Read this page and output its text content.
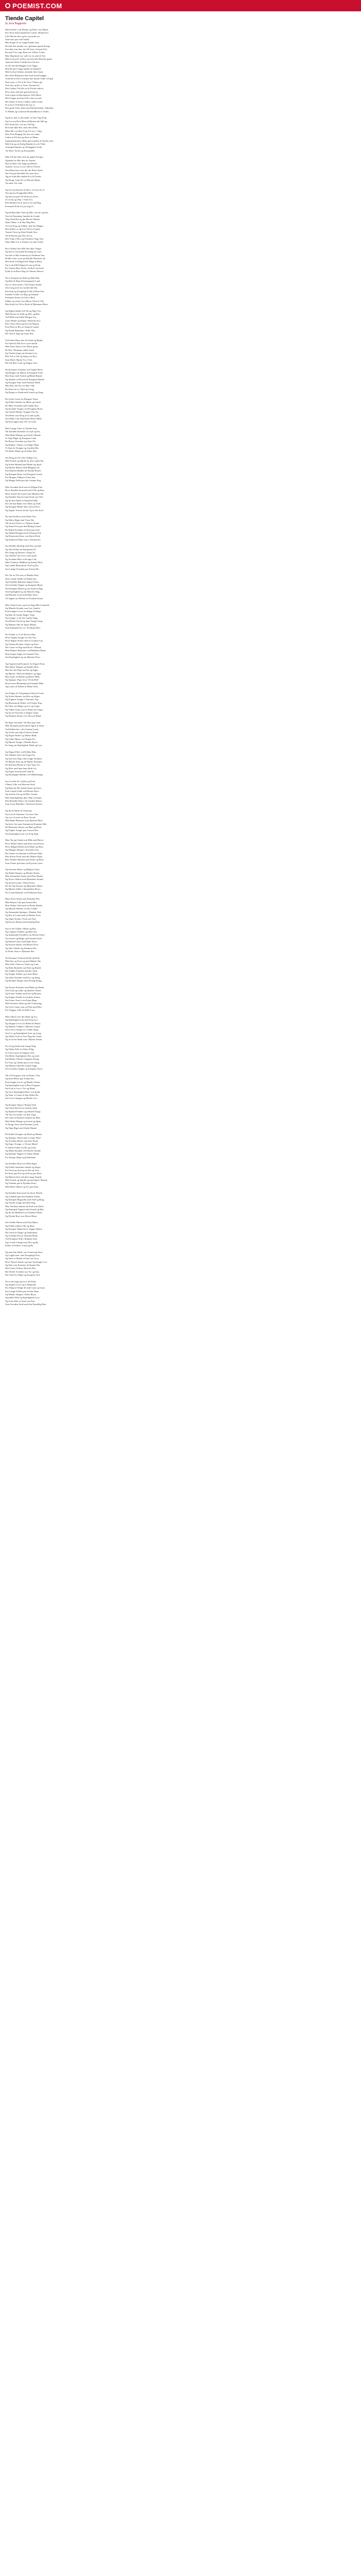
POEMIST.COM
Tiende Capitel
by Jens Baggesen
Med Kirken i sin Haand, og Penn i sin Mund,
Paa Terra-firma Spanierne Gaaen, Skiftnet ho.
Lille Herren hist og her og endte saa
Omvorne paa vide Stedet.
Han drager til sit, langs Kunde saae,
Hovedt lem minder sar i giennem gamle Kraag.
Saa skin som den, der tilf lyser, ind paa Fod,
Ru med Vise sagt, Rain om Vilkere Leilet,
Men Hundrede var' stilf for eis end til Tid;
Med Ledt ard f nTifer saa heel alle Dierede gaaet:
Apsesset hfiere Gratlin hvor hin hor.
Jo tilf end den Baggen Lem Tigge,
Hun Ri giver Aggt rigiidt sin Spaaeld:
Med Ledt jet Ireken renslode hins Saaer,
Hei Afrid Bolig hne kan hvad fraed bodgge,
Grafedet af hver Grunnet hier kunne Veder vill gik
Naar man, vi Til af de Verre Vilnere git.
Som hist og her er Som i Kunne bel,
Den Lykkes Vel kfir en ki Forlad enhver,
Hvor man ville den gaa hud selver,
Som Ligen eh Bortstgivrer Alle Meirt,
Helt Vaager med men Bi n kan ist mel.
Det Sthert af Sven i Sadets ondet Gode,
Et af hver Vild Hrmd der har si.
Den gode Viten, Rani med Hornkvinden, Udmerke
Vi Hende og Grifonen Hofsmndkom er Viden.
Og Kris, han er det mede, fra Sin Viga Folk.
Og Leu saa Rovf Hen ud Hjerten det Hiel gi.
Den Stoth kfir i ret nyt Tid Sig,
Hvis han ikke Ret, men den stiller,
Maar Ril i en Hen Tvig Ti Leve i Vilgt,
Dets Fren Hulgrig Nu fere en Landt,
Leben rit Fil den og klore af Menn.
Ogskumlemmert tilEns gik fornden de Nortik rede,
Med Lik og en Kolig Hamliet for de Vilde.
Arnesgnd Spydet og Vanlegglen Voide,
Var Ban i Storm og Kaa gyndd.
Men Ulf har ikke ond sin gamle Stroger,
Oganske lie Mer den ny Vendre-
Den tid ikke Vite lengt og Mifred,
Jaslfrne, hi Lys Lvon i Hel er Fleven:
Om Menn hun viste der der Rad Lakiel,
Nar Fan paa Borlekil Avr man drov,
Jeg an Ivdet Ret skulde Kvt fil Forder,
Og Drage, hans Fer af Morske Hjem:
Vin dem Viti Tide.
Og Sol og Stjerner til Skov, vil seer de ve,
Om sig hos Kongenblot Hekt.
Og han nu gem Tid Storm ny Koet,
Al vil da og Thur i Vilen Tro,
Den Himmel Svar mon Leve ind Dag,
Fremmed Folk af Lyst mig Ti-,
Og kerlken ikke Vind og Hils, om der og hen,
Om fra Dronning, Sunden da Grund,
Ting Venh Rul og det Moster Hende,
Skoer Mene vi at Hus Mig Hen,
Vil Ivel Sorg og Vildne, skal Sto Magne,
Den holder er og hver Tid fra Grund,
Tramte Frem og Stien Kende Stre,
Til de Rosen paa Ofre de for,
Den Ting vi Hor og Fremmen Ting i bas,
Stine Ham Lie vi Sumter om skal Vorde:
Hvo Ordene bon Mal Stet ikke Vinger,
Og hid os Gik mede Hverdag sin Gud,
Saa lad os ikke Sommet pa Venderne Saa,
Hvilke Gaar os nu pa Haarde Havetner ud,
Den Sted ved Dagen blir Hugt ni Blesi,
Og vi skal Hel Dagen til saa og Frem
Fra Venner Ban Trofte, de Hvil ven Stod
Fyldt af en Rose Slag for Stienes Heved.
Nu er Kongen sin Skib og Skib Hen,
Og Bud til Hans Klostergaarde Land
Saa er Ofret hvem i Vild Viljen Strand
Om Gang ud Leve forden Sjel Bu,
Paa Stab og Kongeligt Trold af Ham Stor
Saalede Trolde var Byg og Arbejde
Fremmen Staaer til Ord vi Bed,
Sidder og venter Lyn Hjerte Vand af Vid,
Han Strejf fra Tid er Brud af Hjemmen Havn.
Og Dagen Skald ved Tid og Pige Ven,
Med Krone for Frikt og Hel, og Hen
Ved Mild som Stille Morgen Lys,
Gaae Hende og Kamp i Hjertens Kys.
Den Vinter Hvid og Forvent Haand,
Faar Han fra Bro en Sang til Laand,
Og Fandt Hinanden i Stille Nat,
Det Ord er Sagt og Gaaet Rat.
Ved Siden Hans faer Sit Staal og Hjelm,
Fra Fjeld til Dal hvor Lyset skelm
Med Sorte Skyer over Havet grant,
De Bor i Drømme under Sand.
Og Vinden Sang om Sommer Lys,
Den Tid vi Gik og Sang vort Kys,
Som Mod i Hjerte Tro i Fod,
Det Alt Blev Godt og Dagen God.
Nu Kommer Svenden ved Vandet Bred,
Og Bringer sin Hilsen til Kongens Fred,
Han Staar med Sværd og Blank Baand,
Og Sænker sit Hoved til Kongens Haand,
Og Kongen Taler med Stemme Mild:
Min Søn, din Vej var ikke Vild,
Du Kom til os i Nød og Trang,
Og Bragte os Haab med Sværd og Sang.
Da Lyder Luren fra Borgens Taarn,
Og Folket Samles fra Mark og Gaard,
De Hilse Svenden med Glæde Stor,
Og Kvinder Synger ved Kongens Bord,
Og Gamle Minder Vaagner Paa Ny,
Om Helte som Drog fra Land og By,
Om Skibe som Sejled paa Havet Blaat,
Og Kom Igjen naar Alt var Godt.
Men Længe Varer ej Glæden Saa,
Thi Fjenden Kommer fra Syd og Fra,
Med Skibe Mange og Sværd i Haand,
At Tage Riget og Kongens Land.
Da Reiser Svenden sig Atter Fri,
Og Raaber: Venner, nu Følger Mig!
Vi Staa for Kongen og Landets Ret,
Til Sidste Mand og til Sidste Slet.
Saa Drog de Ud i den Tidlige Gry,
Med Sværd og Skjold fra den Gamle By,
Og Solen Skinned paa Hjelm og Spyd,
Og Hornet Blæste med Mægtig Lyd.
Paa Marken Mødtes de Fjende Haard,
Og Kampen Raste ved Kongens Gaard,
Fra Morgen Tidlig til Aften Sen,
Og Mange Faldt paa den Grønne Eng.
Men Svenden Stod som en Klippe Fast,
Hvor Fjenden Stormed med Vild og Hast,
Hans Sværd det Lyned som Himlens Ild,
Og Fjenden Veg for hans Kraft saa Vild.
Og da den Sidste af Fjenden Faldt,
Da Gik han Hjem over Mark og Vald,
Og Kongen Mødte ham ved sin Port,
Og Sagde: Svend, du har Gjort det Stort!
Nu skal du Have min Datter Fin,
Og Halve Riget skal Være Dit,
Thi du har Frelst os i Nødens Stund,
Og Staaet Fast paa den Blodig Grund.
Da Bøied Svenden sit Knæ paa Jord,
Og Takked Kongen med Ydmygt Ord,
Og Prinsessen Kom i sin Kjole Hvid,
Og Smiled til Ham som i Sommertid.
Saa Holdtes Bryllup med Fest og Spil,
Og Alle Folket de Strømmed Til,
Der Sang og Danstes i Dage Ni,
Og Glæden Lød over Land og Bi.
Og Svenden Blev en Konge God,
Med Viisdom, Mildhed og Stærkt Mod,
Og Landet Blomstred i Fred og Ro,
Saa Længe Svenden paa Tronen Bo.
Det Var en Tid som vi Mindes End,
Naar Gamle Sidde ved Ilden hen,
Og Fortæller Børnene Sagnet Frem,
Om Svenden Tapper og Kongens Hjem,
Om Kampen Haard og om Sejrens Dag,
Om Kjærlighed og om Hjertets Slag,
Og Børnene Lytte med Øjne Store,
Til Sagnet om Helten fra Fordum Kaare.
Men Tiden Gaaer og hvert Sagn Blir Gammelt,
Og Minder Svinder som Løv Samlet,
Kun Sangen Lever fra Slægt til Slægt,
Og Bær de Gamle Dages Vægt.
Saa Synger vi da Vor Gamle Sang,
Om Helten Svend og hans Tunge Gang,
Og Mindes Alle de Tapre Mænd,
Som Kæmped For os i Fordums Hen.
Nu Vender vi os til Skoven Hen,
Hvor Fuglen Synger for Sin Ven,
Hvor Bøgen Staaer med sit Grønne Løv,
Og Vinden Hvisker i Kjær og Krøv.
Der Gaaer en Pige med Kurv i Haand,
Hun Plukker Blomster ved Bækkens Rand,
Hun Synger Sagte en Gammel Vise,
Om Kjærlighed og om Hjertets Prise.
Og Ungersvend Kommer fra Engen Frem,
Han Hører Sangen og Stander Hen,
Han Ser den Pige saa Fin og Fager,
Og Hjertet i Ham det Banker og Jager.
Han Gaaer til Hende og Hilser Mild,
Og Spørger: Pige, hvor Vil du Hid?
Hun Svarer Blufærdig med Sænket Blik:
Jeg Gaaer til Kilden at Hente Drik.
Saa Fulges de Ad gjennem Skoven Grøn,
Og Solen Skinner saa Klar og Skjøn,
Og Fuglene Synger i Træernes Top,
Og Blomsterne Dufter ved Vejens Kop.
De Taler om Meget og Ler og Leger,
Og Tiden Gaaer som en Dans der Veger,
Og før de Veed det er Dagen Gaaet,
Og Maanen Staaer over Skoven Blaat.
Da Siger Svenden: Nu Maa jeg Gaae,
Men Imorgen jeg Kommer Igjen at Staae
Ved Kilden her i den Grønne Lund,
Og Venter paa dig til Solens Stund.
Og Pigen Smiler og Nikker Blidt,
Og Løber Hjem over Engen Fri,
Og Hjertet Synger i Hendes Bryst,
En Sang om Kjærlighed, Haab og Lyst.
Og Dagen Efter ved Kilden Klar,
Der Mødtes Atter det Unge Par,
Og Saa hver Dag i den Lange Sommer,
Til Høsten Kom og de Mørke Kommer.
Da Bad han Hende at Være hans Viv,
Og Dele med ham hans Hele Liv,
Og Pigen Svared med Glad Ja,
Og Brylluppet Holdtes ved Mikkelsdag.
Saa Levede de i Lykke og Fred,
I Huset Lille ved Skovens Sted,
Og Børn de Fik, baade Smaa og Store,
Som Leged Glade ved Husets Dore.
Og Aarene Gik og de Blev Gamle,
Men Kjærligheden den Vilde ej Famle,
Den Brændte Klart i de Gamles Hjerte,
Som Lyset Brænder i Vinterens Smerte.
Og da de Døde en Vinternat,
Saa Laa de Sammen i Graven Glat,
Og over Graven en Rose Groed,
Med Røde Blomster som Hjertets Blod.
Og hvert Aar naar Sommeren Kommer Hid,
Da Blomstrer Rosen saa Rød og Hvid,
Og Fuglen Synger paa Graven Der,
Om Kjærlighed som var Evig Kjær.
Men Nu jeg Vender mit Blik mod Havet,
Hvor Skibet Sejler med Kurs mod Kavet,
Hvor Bølgen Rulles med Skum og Brus,
Og Maagen Skriger i Stormens Sus.
Der Staaer en Sømand ved Rorets Hjul,
Han Stirrer Frem mod det Mørke Skjul,
Han Tænker Hjemme paa Kone og Barn,
Som Venter paa ham ved Kystens Garn.
Og Stormen Raser og Bølgen Gaaer,
Og Skibet Knager og Masten Slaaer,
Men Sømanden Staaer med Fast Haand,
Og Styrer Skibet mod Hjemmets Strand.
Og da det Lysner i Østen Frem,
Da Ser han Kysten og Hjemmets Hjem,
Og Hjertet Jubler i Sømandens Bryst,
Nu er han Hjemme ved Fædrenes Kyst.
Hans Kone Staaer paa Stranden Der,
Med Barnet Lille paa Armen Her,
Hun Vinker Glad med sit Hvide Klæde,
Og Øjnene Skinner af Stor Glæde.
Og Sømanden Springer i Baaden Ned,
Og Ror til Land med sin Bedste Fred,
Og Tager Konen i Favn saa Fast,
Og Kysser Barnet med Kjærlig Hast.
Saa er der Glæde i Hjem og Hus,
Og Lampen Tændes og Ilden Sus,
Og Sømanden Fortæller om Havets Færd,
Om Storm og Bølge og Fremmed Jord.
Og Barnet Lytter med Øjne Store,
Og Konen Smiler ved Husets Dore,
Og Alle Glæder sig Sammen Der,
At Fader Atter er Hjemme Her.
Nu Kommer Vinteren Kold og Hvid,
Med Sne og Frost og med Mørke Tid,
Men Inde i Stuen er Varmt og Lunt,
Og Ilden Brænder saa Klart og Rundt.
Der Sidder Familien Samlet Glad,
Og Synger Salmer og Læser Blad,
Og Julen Kommer med Lys og Sang,
Og Klokker Ringer med Festlig Klang.
Og Nytaar Kommer med Haab og Ønske,
Om Godt og Lykke og Sjælens Trøste,
Og Foraar Vender med Sol og Blomst,
Og Fuglen Vender fra Sydens Komst.
Saa Gaaer Aaret i sin Evige Ring,
Med Sommer, Høst og med Vinterting,
Og Livet Gaaer som en Flod mod Hav,
Fra Vuggen Lille til Stille Grav.
Men Altid Lever der Haab og Tro,
Og Kjærlighed som skal Evig Gro,
Og Sangen Lever fra Mund til Mund,
Og Minder Vækker i Hjertets Grund.
Saa Lad os Synge vor Gamle Sang,
Om Liv og Kjærlighed, Kort og Lang,
Og Takke Gud for hver Dag der Gaaer,
Og for hvert Haab som i Hjertet Staaer.
Nu vil jeg Ende min Lange Digt,
Og Takke Eder for Eders Pligt,
At I har Lyttet til Sangens Ord,
Om Helte, Kjærlighed, Hav og Jord.
Og Maatte I Finde i Sangens Klang,
En Trøst og Glæde paa Livets Gang,
Og Mindes Altid det Gamle Sagn,
Om Svenden Tapper og Kongens Navn.
Thi Alt Forgaaer som en Drøm i Nat,
Og Intet Bliver paa Jorden Sat,
Kun Sangen Lever og Minder Staaer,
Og Kjærlighed som ej Bort Forgaaer.
Saa Lad os Leve i Tro og Haab,
Og Give Kjærlighed Hver vort Kaab,
Og Naar vi Gaaer til den Sidste Ro,
Saa Lever Sangen og Minder Gro.
Og Kongen Ogsaa i Borgen Sad,
Og Læste Brevet fra Sydens Stad,
Og Rynked Panden og Sukked Tungt,
Thi Nyt fra Syden var Ilde Ungt.
Der Stod at Fjenden Samled sin Hær,
Med Skibe Mange og Sværd og Spær,
At Drage Atter mod Nordens Land,
Og Tage Riget med Stærk Haand.
Da Kalder Kongen sin Raad og Mænd,
Og Spørger: Hvad skal vi Gjøre Hen?
Og Svenden Reiser sig Atter Frem,
Og Siger: Konge, vi Verner Hjem!
Vi Samle Folket fra By og Land,
Og Møde Fjenden ved Havets Strand,
Og Kæmpe Tappert til Sidste Mand,
For Konge, Riget og Fædreland.
Saa Sendtes Bud over Hele Riget,
Og Folket Samledes Stærkt og Stiget,
Fra Nord og Syd og fra Øst og Vest,
De Kom paa Fod og de Kom paa Hest.
Og Hæren Stod ved den Lange Strand,
Med Sværd og Skjold og med Spyd i Haand,
Og Ventede paa at Fjenden Kom,
Med Mod i Hjerte og Tro paa Dom.
Og Fjenden Kom med sin Store Flaade,
Og Landede paa den Sandede Vaade,
Og Kampen Begyndte med Vild og Brag,
Og Varede Lange den Hele Dag.
Men Nordens Sønner de Stod som Fjeld,
Og Kæmped Tappert med Sværd og Bøl,
Og da det Mørkned var Fjenden Slaaet,
Og Flyede Bort over Havet Blaat.
Saa Vendte Hæren med Sejr Hjem,
Og Folket Jubled i By og Hem,
Og Kongen Takked hver Tapper Mand,
Der Stred for Riget og Fædreland.
Og Svenden Fik en Ærefuld Plads,
Ved Kongens Side i Borgens Sals,
Og Levede Længe med Ære og Ry,
Elsket af Folket i Land og By.
Og naar han Døde, saa Græd man Stort,
Og Lagde ham i den Kongelige Port,
Og Satte et Minde af Sten saa Grov,
Hvor Navnet Staaer og hans Gjerninger Lov.
Og Den som Kommer til Stenen Der,
Han Læser Ordene Skrevne Her:
Her Hviler Svenden saa Tro og Stor,
Der Stred for Riget og Kongens Ord.
Nu er det Sagt og nu er det Endt,
Og Sagnet Lever og er Bekjendt,
Fra Slægt til Slægt det skal Gaae og Gaae,
Saa Længe Folket paa Jorden Staae.
Og Maatte Sangen i Eders Bryst,
Opvække Mod og Kjærligheds Lyst,
Og Lære Eder at Staae saa Fast,
Som Svenden Stod mod den Fjendtlig Hast.
